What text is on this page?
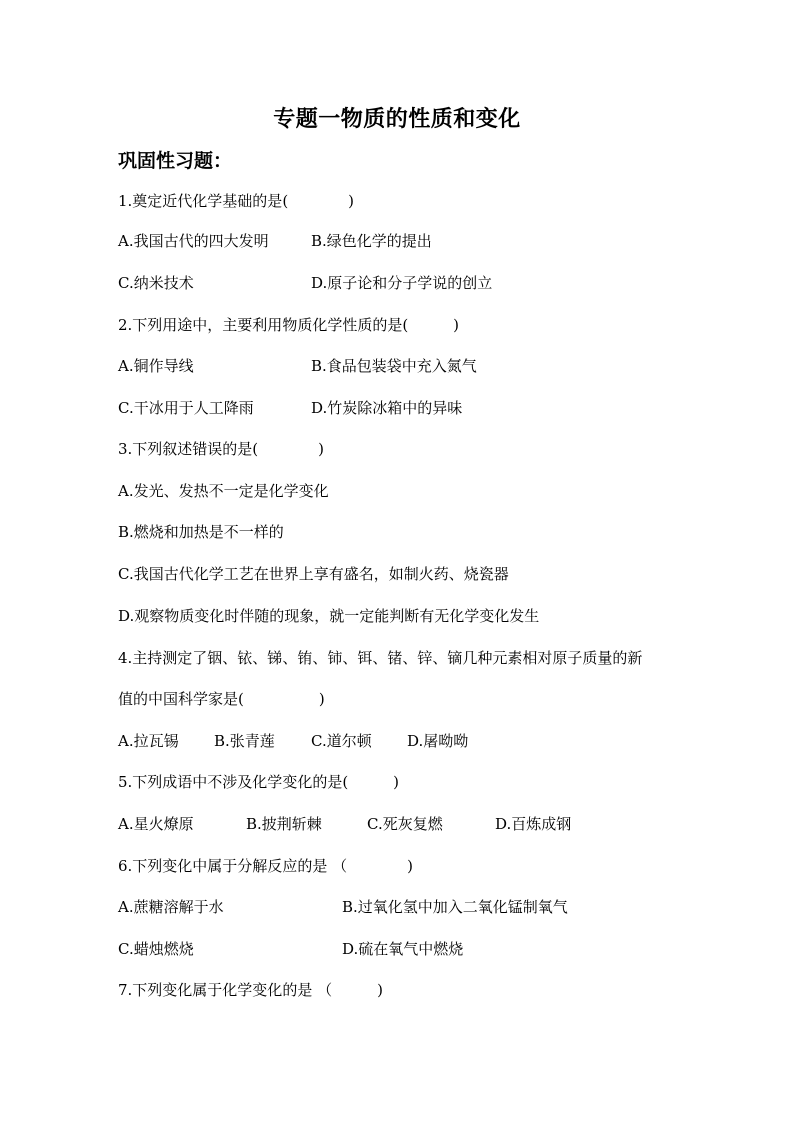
专题一物质的性质和变化
巩固性习题：
1.奠定近代化学基础的是(　　　　)
A.我国古代的四大发明	B.绿色化学的提出
C.纳米技术	D.原子论和分子学说的创立
2.下列用途中，主要利用物质化学性质的是(　　　)
A.铜作导线	B.食品包装袋中充入氮气
C.干冰用于人工降雨	D.竹炭除冰箱中的异味
3.下列叙述错误的是(　　　　)
A.发光、发热不一定是化学变化
B.燃烧和加热是不一样的
C.我国古代化学工艺在世界上享有盛名，如制火药、烧瓷器
D.观察物质变化时伴随的现象，就一定能判断有无化学变化发生
4.主持测定了铟、铱、锑、铕、铈、铒、锗、锌、镝几种元素相对原子质量的新
值的中国科学家是(　　　　　)
A.拉瓦锡 B.张青莲 C.道尔顿 D.屠呦呦
5.下列成语中不涉及化学变化的是(　　　)
A.星火燎原	B.披荆斩棘	C.死灰复燃	D.百炼成钢
6.下列变化中属于分解反应的是 （　　　　)
A.蔗糖溶解于水	B.过氧化氢中加入二氧化锰制氧气
C.蜡烛燃烧	D.硫在氧气中燃烧
7.下列变化属于化学变化的是 （　　　)
